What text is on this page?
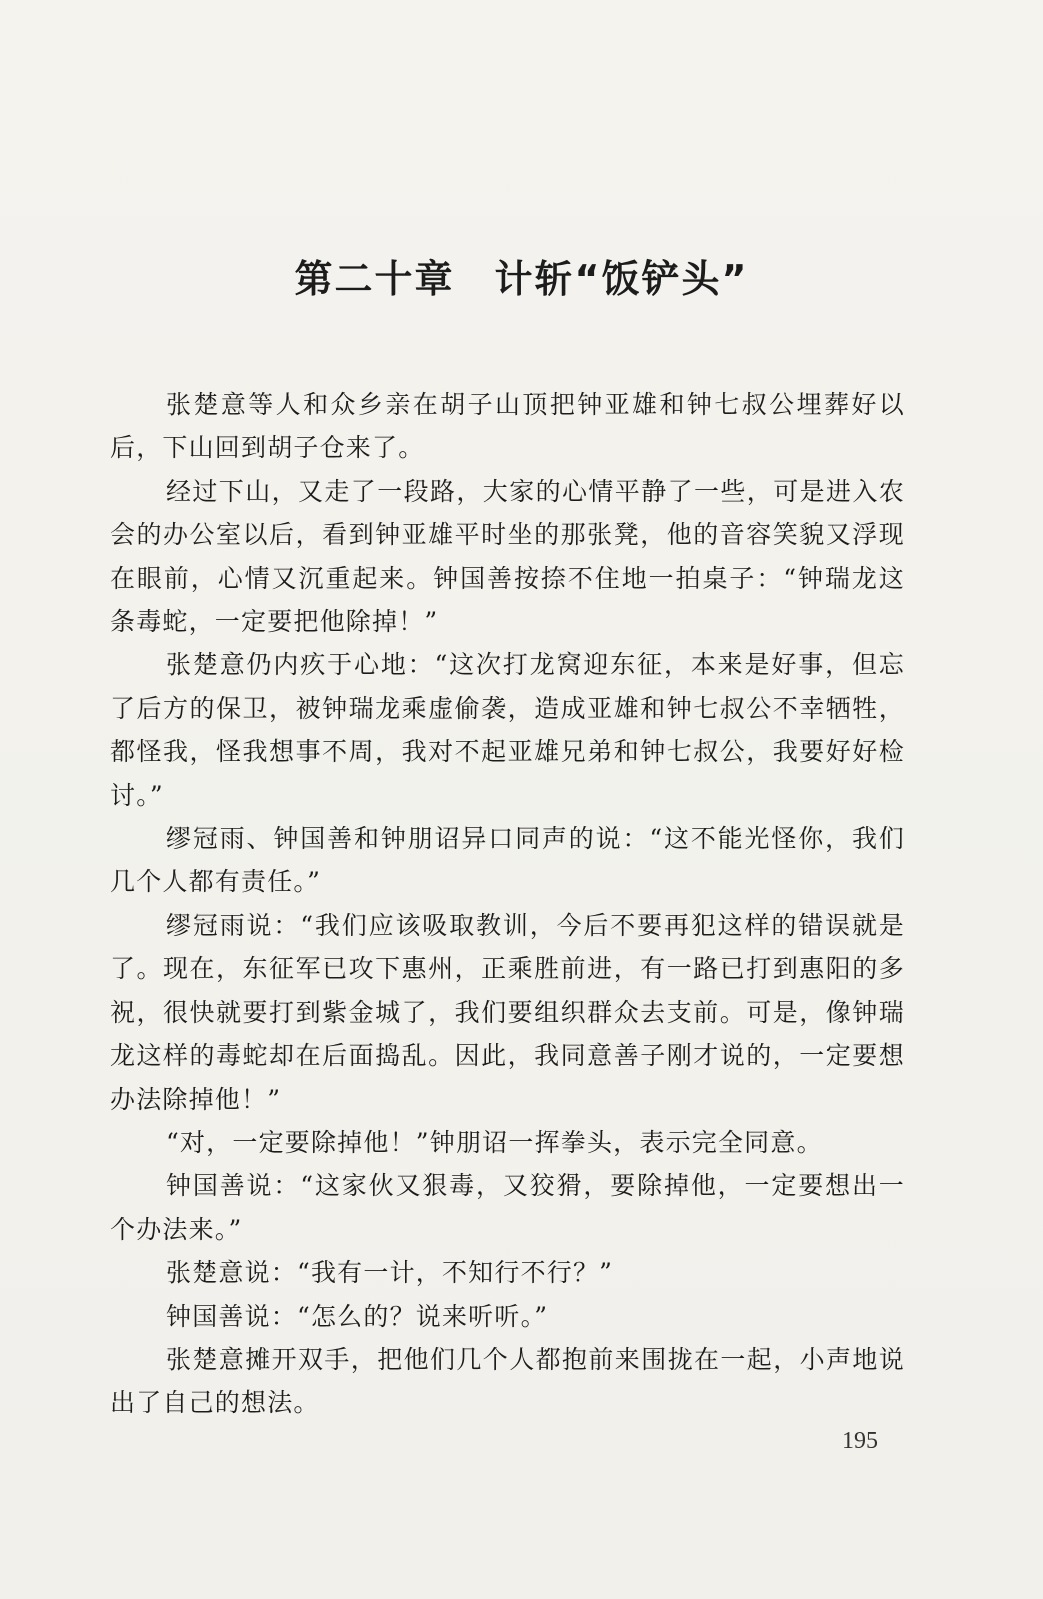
第二十章　计斩“饭铲头”

张楚意等人和众乡亲在胡子山顶把钟亚雄和钟七叔公埋葬好以后，下山回到胡子仓来了。

经过下山，又走了一段路，大家的心情平静了一些，可是进入农会的办公室以后，看到钟亚雄平时坐的那张凳，他的音容笑貌又浮现在眼前，心情又沉重起来。钟国善按捺不住地一拍桌子：“钟瑞龙这条毒蛇，一定要把他除掉！”

张楚意仍内疚于心地：“这次打龙窝迎东征，本来是好事，但忘了后方的保卫，被钟瑞龙乘虚偷袭，造成亚雄和钟七叔公不幸牺牲，都怪我，怪我想事不周，我对不起亚雄兄弟和钟七叔公，我要好好检讨。”

缪冠雨、钟国善和钟朋诏异口同声的说：“这不能光怪你，我们几个人都有责任。”

缪冠雨说：“我们应该吸取教训，今后不要再犯这样的错误就是了。现在，东征军已攻下惠州，正乘胜前进，有一路已打到惠阳的多祝，很快就要打到紫金城了，我们要组织群众去支前。可是，像钟瑞龙这样的毒蛇却在后面捣乱。因此，我同意善子刚才说的，一定要想办法除掉他！”

“对，一定要除掉他！”钟朋诏一挥拳头，表示完全同意。

钟国善说：“这家伙又狠毒，又狡猾，要除掉他，一定要想出一个办法来。”

张楚意说：“我有一计，不知行不行？”

钟国善说：“怎么的？说来听听。”

张楚意摊开双手，把他们几个人都抱前来围拢在一起，小声地说出了自己的想法。

195
